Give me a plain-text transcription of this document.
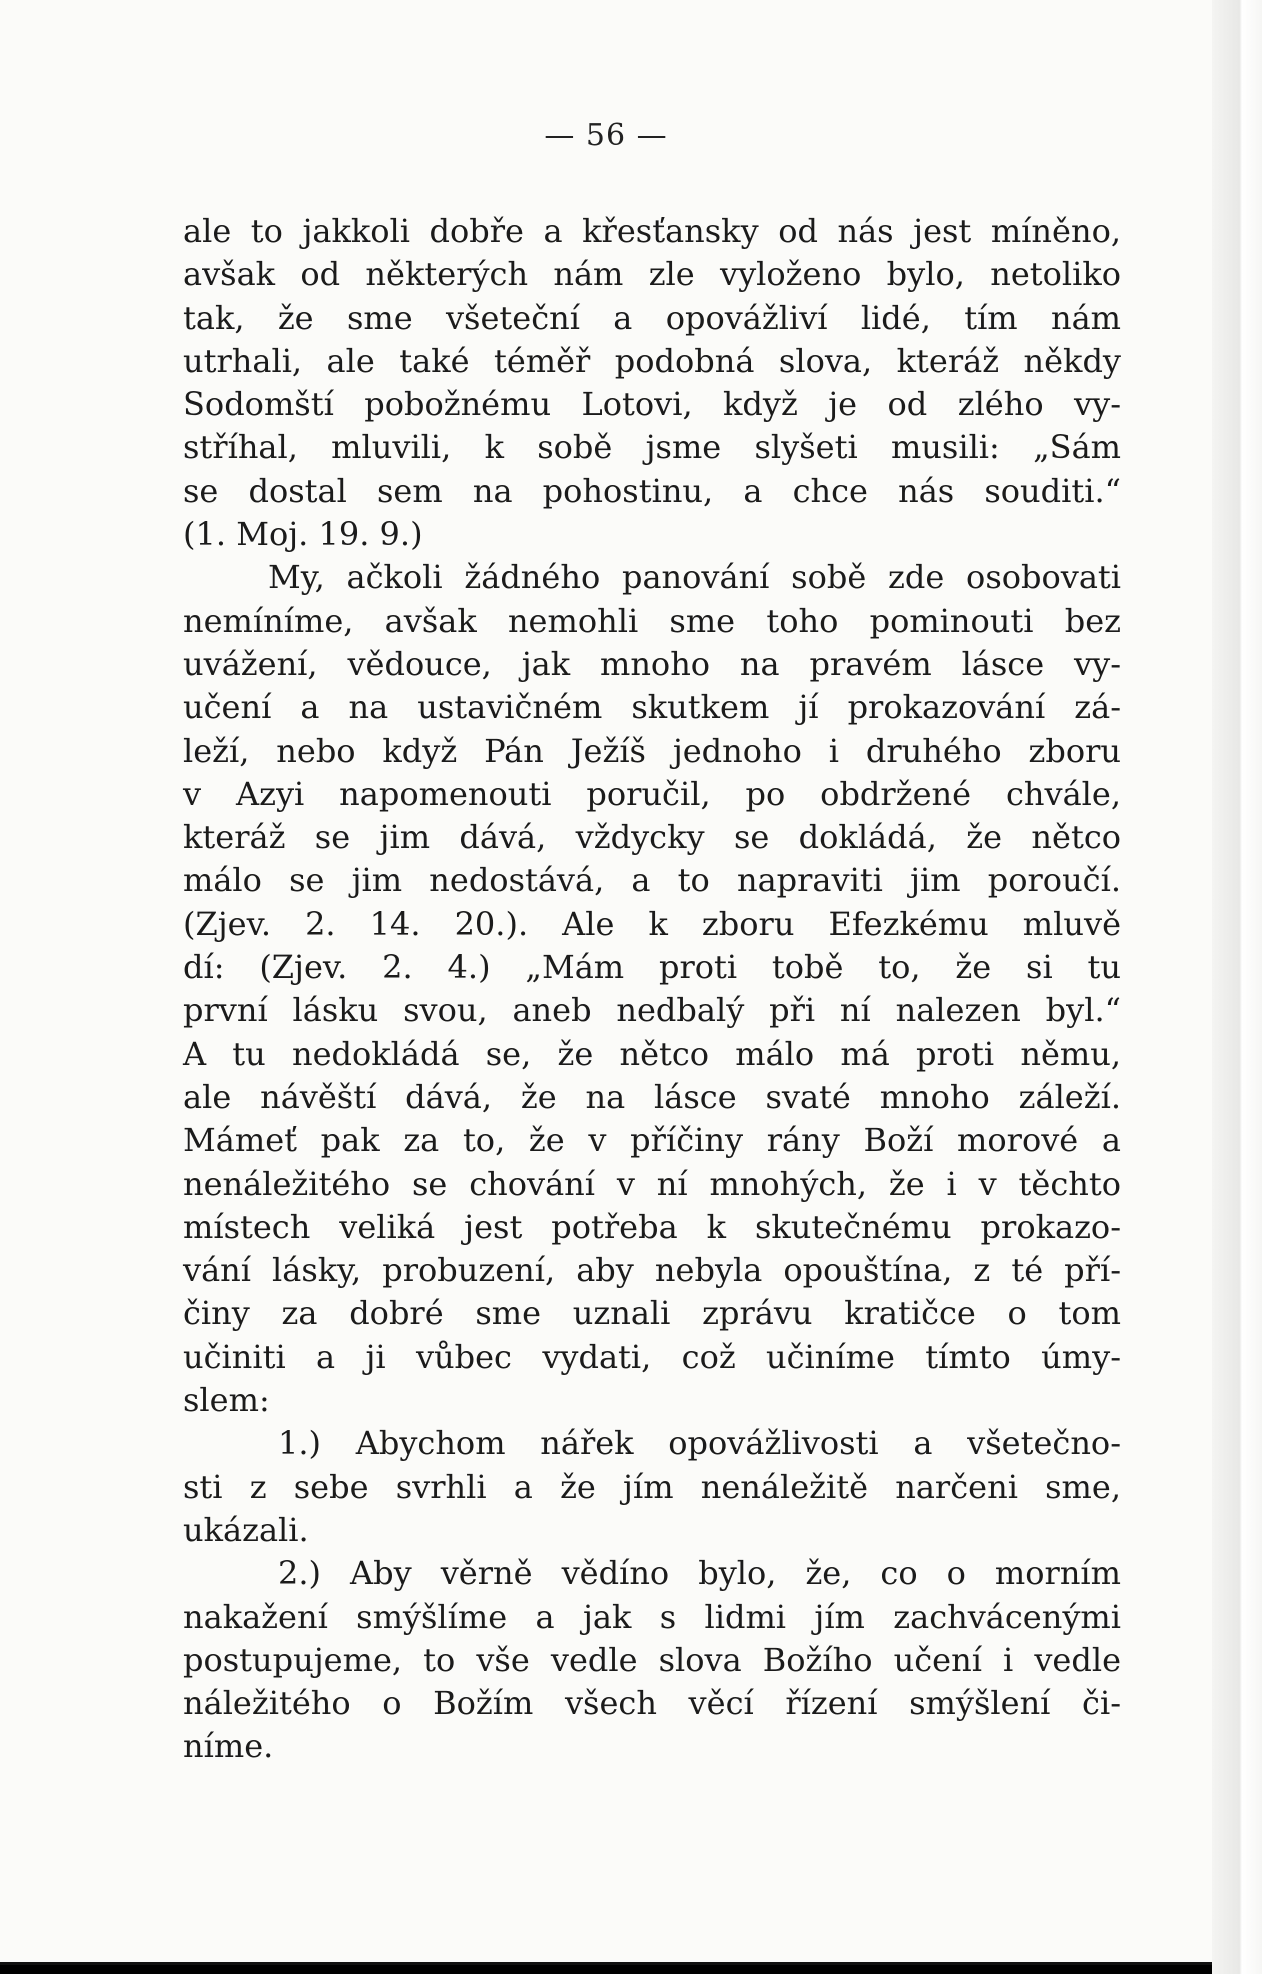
— 56 —
ale to jakkoli dobře a křesťansky od nás jest míněno,
avšak od některých nám zle vyloženo bylo, netoliko
tak, že sme všeteční a opovážliví lidé, tím nám
utrhali, ale také téměř podobná slova, kteráž někdy
Sodomští pobožnému Lotovi, když je od zlého vy-
stříhal, mluvili, k sobě jsme slyšeti musili: „Sám
se dostal sem na pohostinu, a chce nás souditi.“
(1. Moj. 19. 9.)
My, ačkoli žádného panování sobě zde osobovati
nemíníme, avšak nemohli sme toho pominouti bez
uvážení, vědouce, jak mnoho na pravém lásce vy-
učení a na ustavičném skutkem jí prokazování zá-
leží, nebo když Pán Ježíš jednoho i druhého zboru
v Azyi napomenouti poručil, po obdržené chvále,
kteráž se jim dává, vždycky se dokládá, že nětco
málo se jim nedostává, a to napraviti jim poroučí.
(Zjev. 2. 14. 20.). Ale k zboru Efezkému mluvě
dí: (Zjev. 2. 4.) „Mám proti tobě to, že si tu
první lásku svou, aneb nedbalý při ní nalezen byl.“
A tu nedokládá se, že nětco málo má proti němu,
ale návěští dává, že na lásce svaté mnoho záleží.
Mámeť pak za to, že v příčiny rány Boží morové a
nenáležitého se chování v ní mnohých, že i v těchto
místech veliká jest potřeba k skutečnému prokazo-
vání lásky, probuzení, aby nebyla opouštína, z té pří-
činy za dobré sme uznali zprávu kratičce o tom
učiniti a ji vůbec vydati, což učiníme tímto úmy-
slem:
1.) Abychom nářek opovážlivosti a všetečno-
sti z sebe svrhli a že jím nenáležitě narčeni sme,
ukázali.
2.) Aby věrně vědíno bylo, že, co o morním
nakažení smýšlíme a jak s lidmi jím zachvácenými
postupujeme, to vše vedle slova Božího učení i vedle
náležitého o Božím všech věcí řízení smýšlení či-
níme.
